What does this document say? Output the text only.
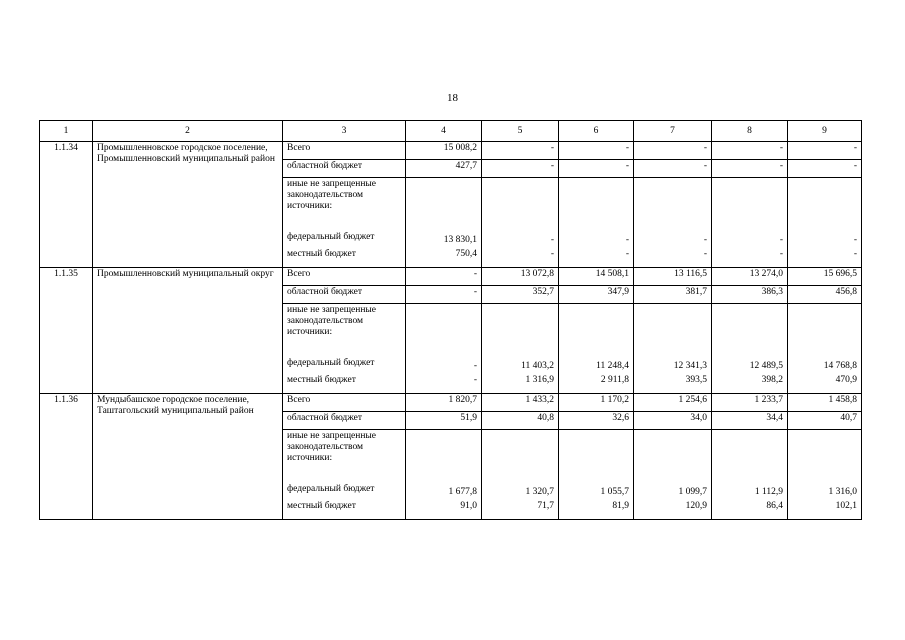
18
1	2	3	4	5	6	7	8	9
1.1.34	Промышленновское городское поселение, Промышленновский муниципальный район	Всего	15 008,2	-	-	-	-	-
		областной бюджет	427,7	-	-	-	-	-
		иные не запрещенные законодательством источники:						
		федеральный бюджет	13 830,1	-	-	-	-	-
		местный бюджет	750,4	-	-	-	-	-
1.1.35	Промышленновский муниципальный округ	Всего	-	13 072,8	14 508,1	13 116,5	13 274,0	15 696,5
		областной бюджет	-	352,7	347,9	381,7	386,3	456,8
		иные не запрещенные законодательством источники:						
		федеральный бюджет	-	11 403,2	11 248,4	12 341,3	12 489,5	14 768,8
		местный бюджет	-	1 316,9	2 911,8	393,5	398,2	470,9
1.1.36	Мундыбашское городское поселение, Таштагольский муниципальный район	Всего	1 820,7	1 433,2	1 170,2	1 254,6	1 233,7	1 458,8
		областной бюджет	51,9	40,8	32,6	34,0	34,4	40,7
		иные не запрещенные законодательством источники:						
		федеральный бюджет	1 677,8	1 320,7	1 055,7	1 099,7	1 112,9	1 316,0
		местный бюджет	91,0	71,7	81,9	120,9	86,4	102,1
